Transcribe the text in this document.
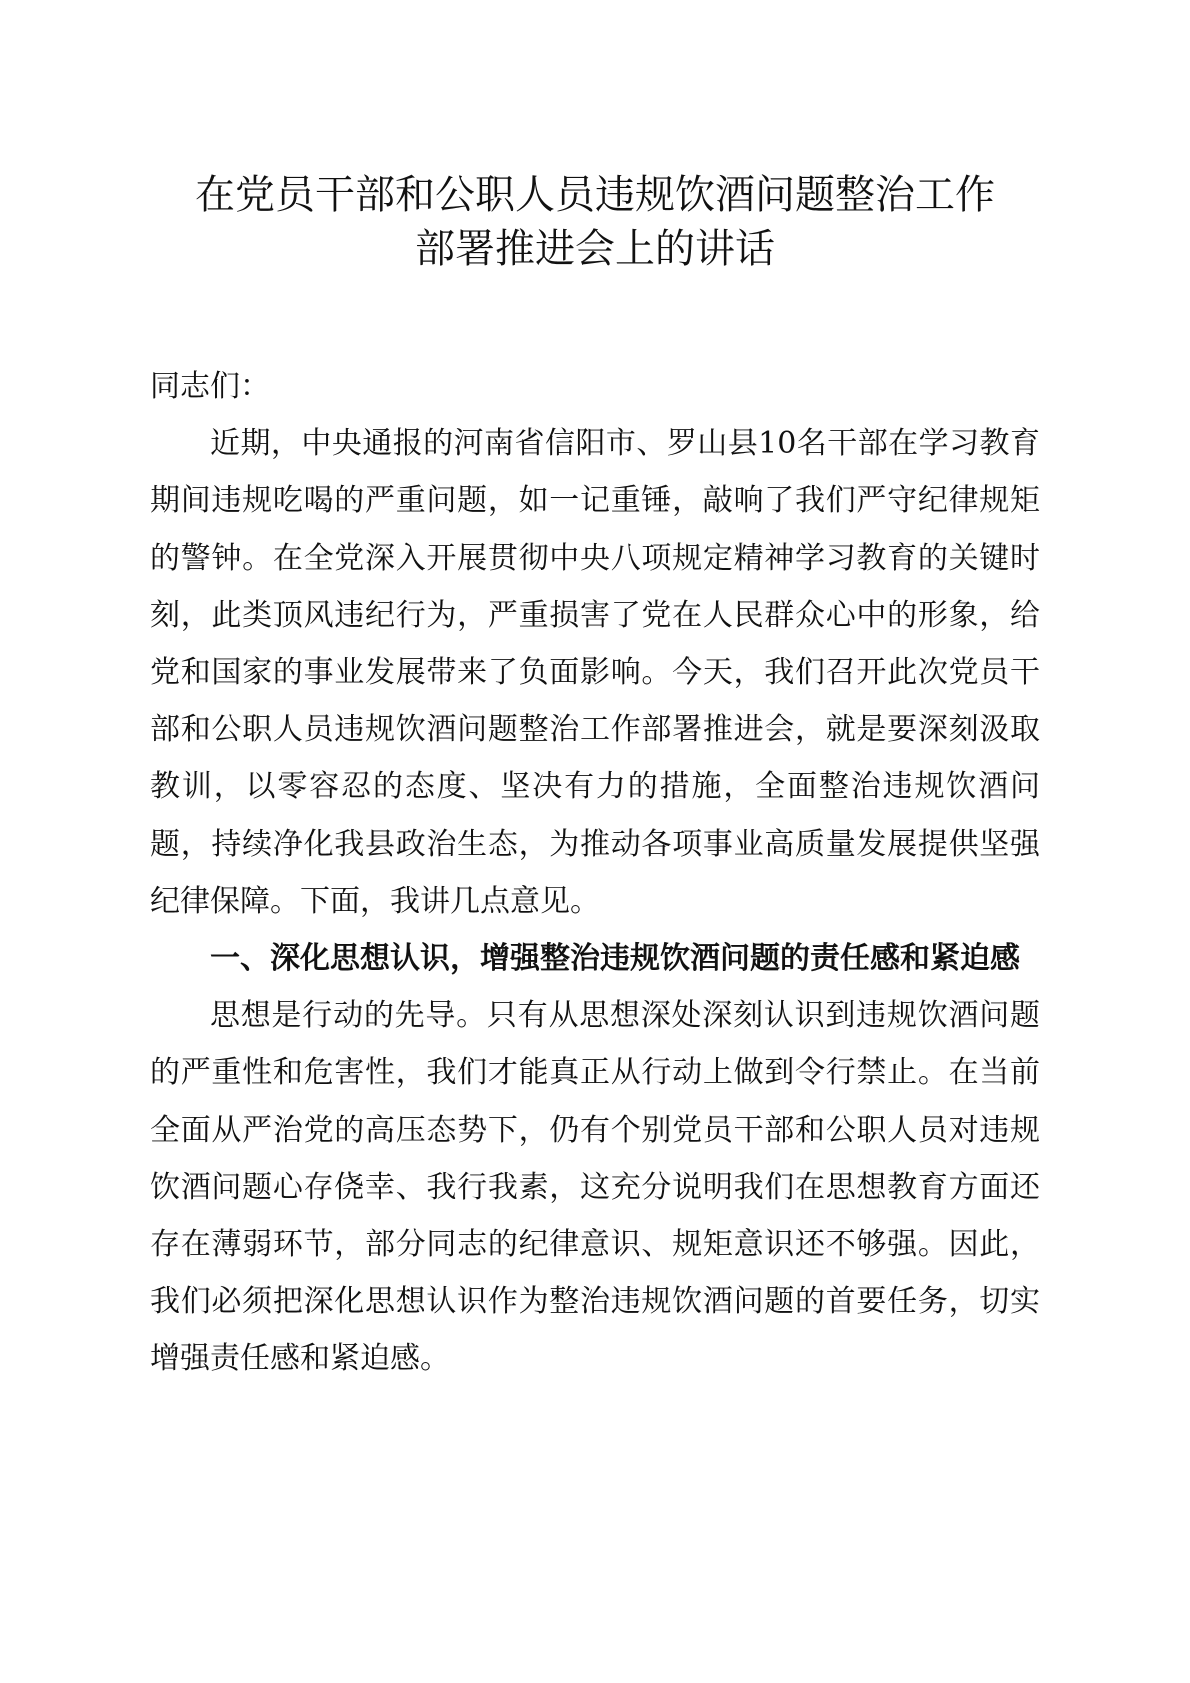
在党员干部和公职人员违规饮酒问题整治工作
部署推进会上的讲话

同志们：

近期，中央通报的河南省信阳市、罗山县10名干部在学习教育期间违规吃喝的严重问题，如一记重锤，敲响了我们严守纪律规矩的警钟。在全党深入开展贯彻中央八项规定精神学习教育的关键时刻，此类顶风违纪行为，严重损害了党在人民群众心中的形象，给党和国家的事业发展带来了负面影响。今天，我们召开此次党员干部和公职人员违规饮酒问题整治工作部署推进会，就是要深刻汲取教训，以零容忍的态度、坚决有力的措施，全面整治违规饮酒问题，持续净化我县政治生态，为推动各项事业高质量发展提供坚强纪律保障。下面，我讲几点意见。

一、深化思想认识，增强整治违规饮酒问题的责任感和紧迫感

思想是行动的先导。只有从思想深处深刻认识到违规饮酒问题的严重性和危害性，我们才能真正从行动上做到令行禁止。在当前全面从严治党的高压态势下，仍有个别党员干部和公职人员对违规饮酒问题心存侥幸、我行我素，这充分说明我们在思想教育方面还存在薄弱环节，部分同志的纪律意识、规矩意识还不够强。因此，我们必须把深化思想认识作为整治违规饮酒问题的首要任务，切实增强责任感和紧迫感。
